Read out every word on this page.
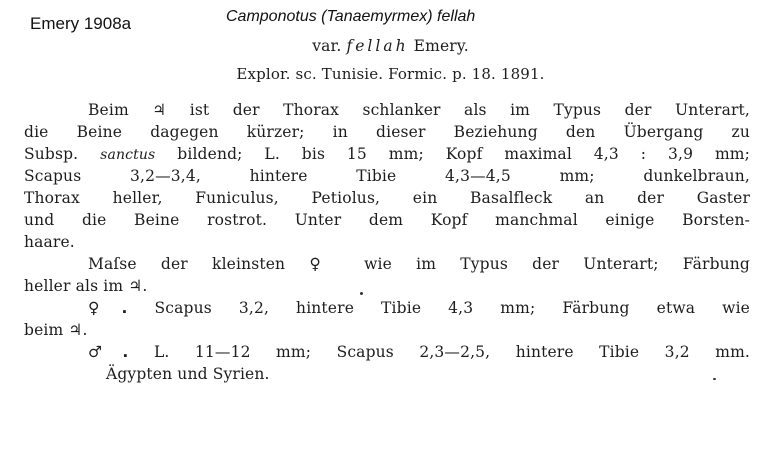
Emery 1908a	Camponotus (Tanaemyrmex) fellah
var. fellah Emery.
Explor. sc. Tunisie. Formic. p. 18. 1891.
Beim ♃ ist der Thorax schlanker als im Typus der Unterart,
die Beine dagegen kürzer; in dieser Beziehung den Übergang zu
Subsp. sanctus bildend; L. bis 15 mm; Kopf maximal 4,3 : 3,9 mm;
Scapus 3,2—3,4, hintere Tibie 4,3—4,5 mm; dunkelbraun,
Thorax heller, Funiculus, Petiolus, ein Basalfleck an der Gaster
und die Beine rostrot. Unter dem Kopf manchmal einige Borsten-
haare.
Maſse der kleinsten ♀ wie im Typus der Unterart; Färbung
heller als im ♃.
♀. Scapus 3,2, hintere Tibie 4,3 mm; Färbung etwa wie
beim ♃.
♂. L. 11—12 mm; Scapus 2,3—2,5, hintere Tibie 3,2 mm.
Ägypten und Syrien.
